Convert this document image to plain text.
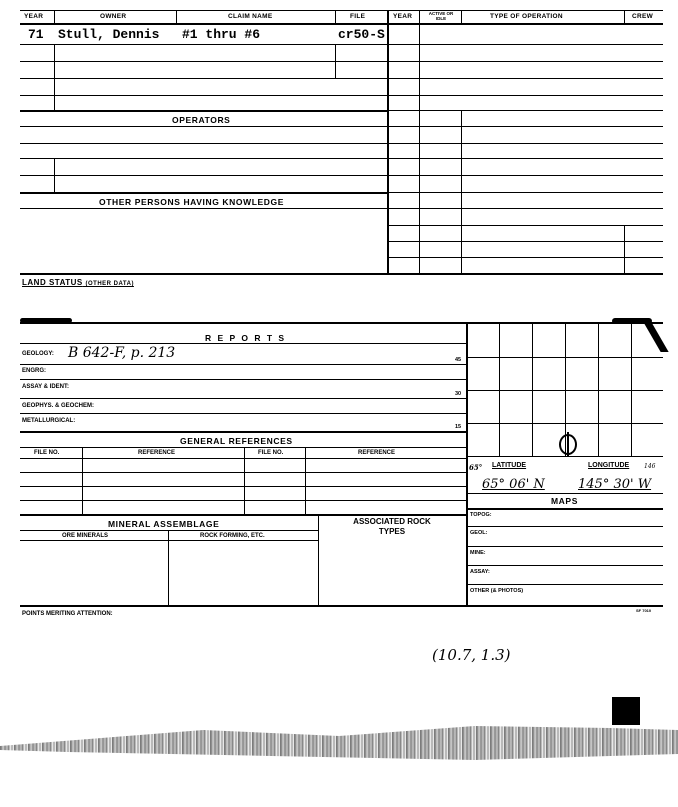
YEAR	OWNER	CLAIM NAME	FILE	YEAR	ACTIVE OR IDLE	TYPE OF OPERATION	CREW
71 Stull, Dennis #1 thru #6	cr50-S
OPERATORS
OTHER PERSONS HAVING KNOWLEDGE
LAND STATUS (OTHER DATA)
R E P O R T S
GEOLOGY: B 642-F, p. 213	45
ENGRG:
ASSAY & IDENT:
30
GEOPHYS. & GEOCHEM:
METALLURGICAL:
15
GENERAL REFERENCES
FILE NO.	REFERENCE	FILE NO.	REFERENCE
MINERAL ASSEMBLAGE	ASSOCIATED ROCK TYPES
ORE MINERALS	ROCK FORMING, ETC.
POINTS MERITING ATTENTION:
SF 7010
65° LATITUDE	LONGITUDE 146
65° 06' N	145° 30' W
MAPS
TOPOG:
GEOL:
MINE:
ASSAY:
OTHER (& PHOTOS)
(10.7, 1.3)
